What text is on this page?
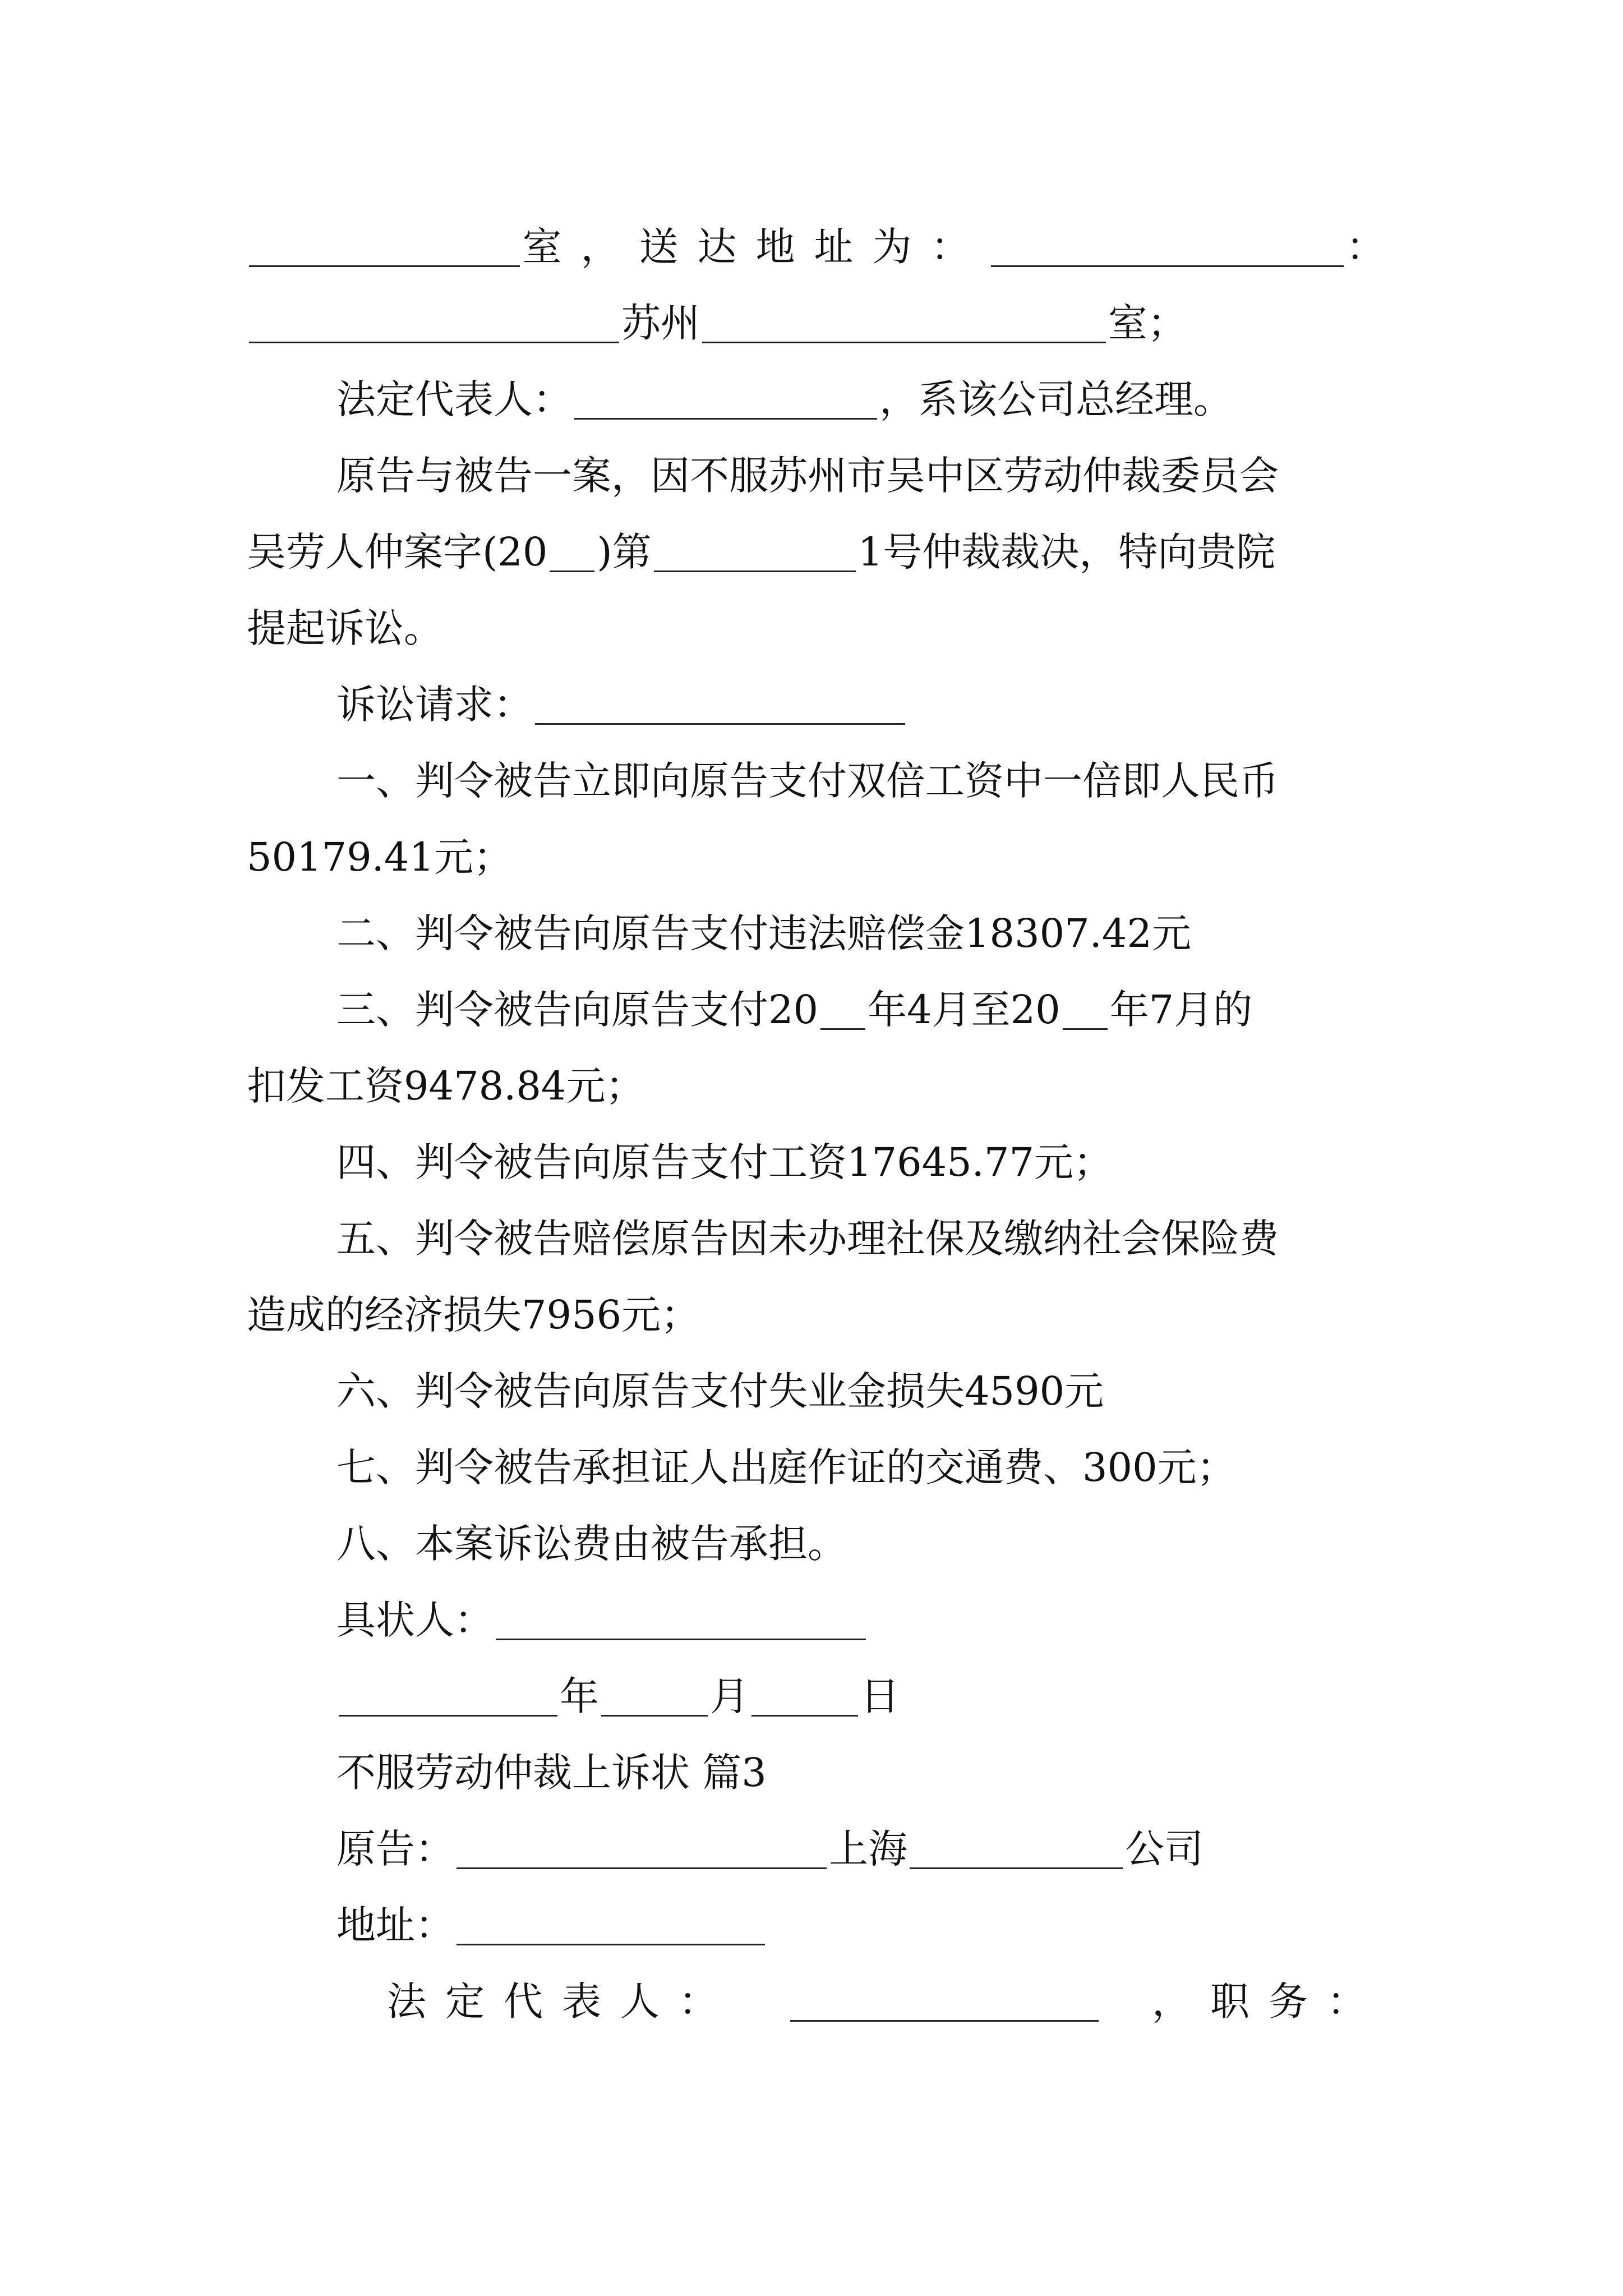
室，送达地址为：	：
苏州	室；
法定代表人：	，系该公司总经理。
原告与被告一案，因不服苏州市吴中区劳动仲裁委员会
吴劳人仲案字(20 )第	1号仲裁裁决，特向贵院
提起诉讼。
诉讼请求：
一、判令被告立即向原告支付双倍工资中一倍即人民币
50179.41元；
二、判令被告向原告支付违法赔偿金18307.42元
三、判令被告向原告支付20 年4月至20 年7月的
扣发工资9478.84元；
四、判令被告向原告支付工资17645.77元；
五、判令被告赔偿原告因未办理社保及缴纳社会保险费
造成的经济损失7956元；
六、判令被告向原告支付失业金损失4590元
七、判令被告承担证人出庭作证的交通费、300元；
八、本案诉讼费由被告承担。
具状人：
年	月	日
不服劳动仲裁上诉状 篇3
原告：	上海	公司
地址：
法定代表人：	，职务：
